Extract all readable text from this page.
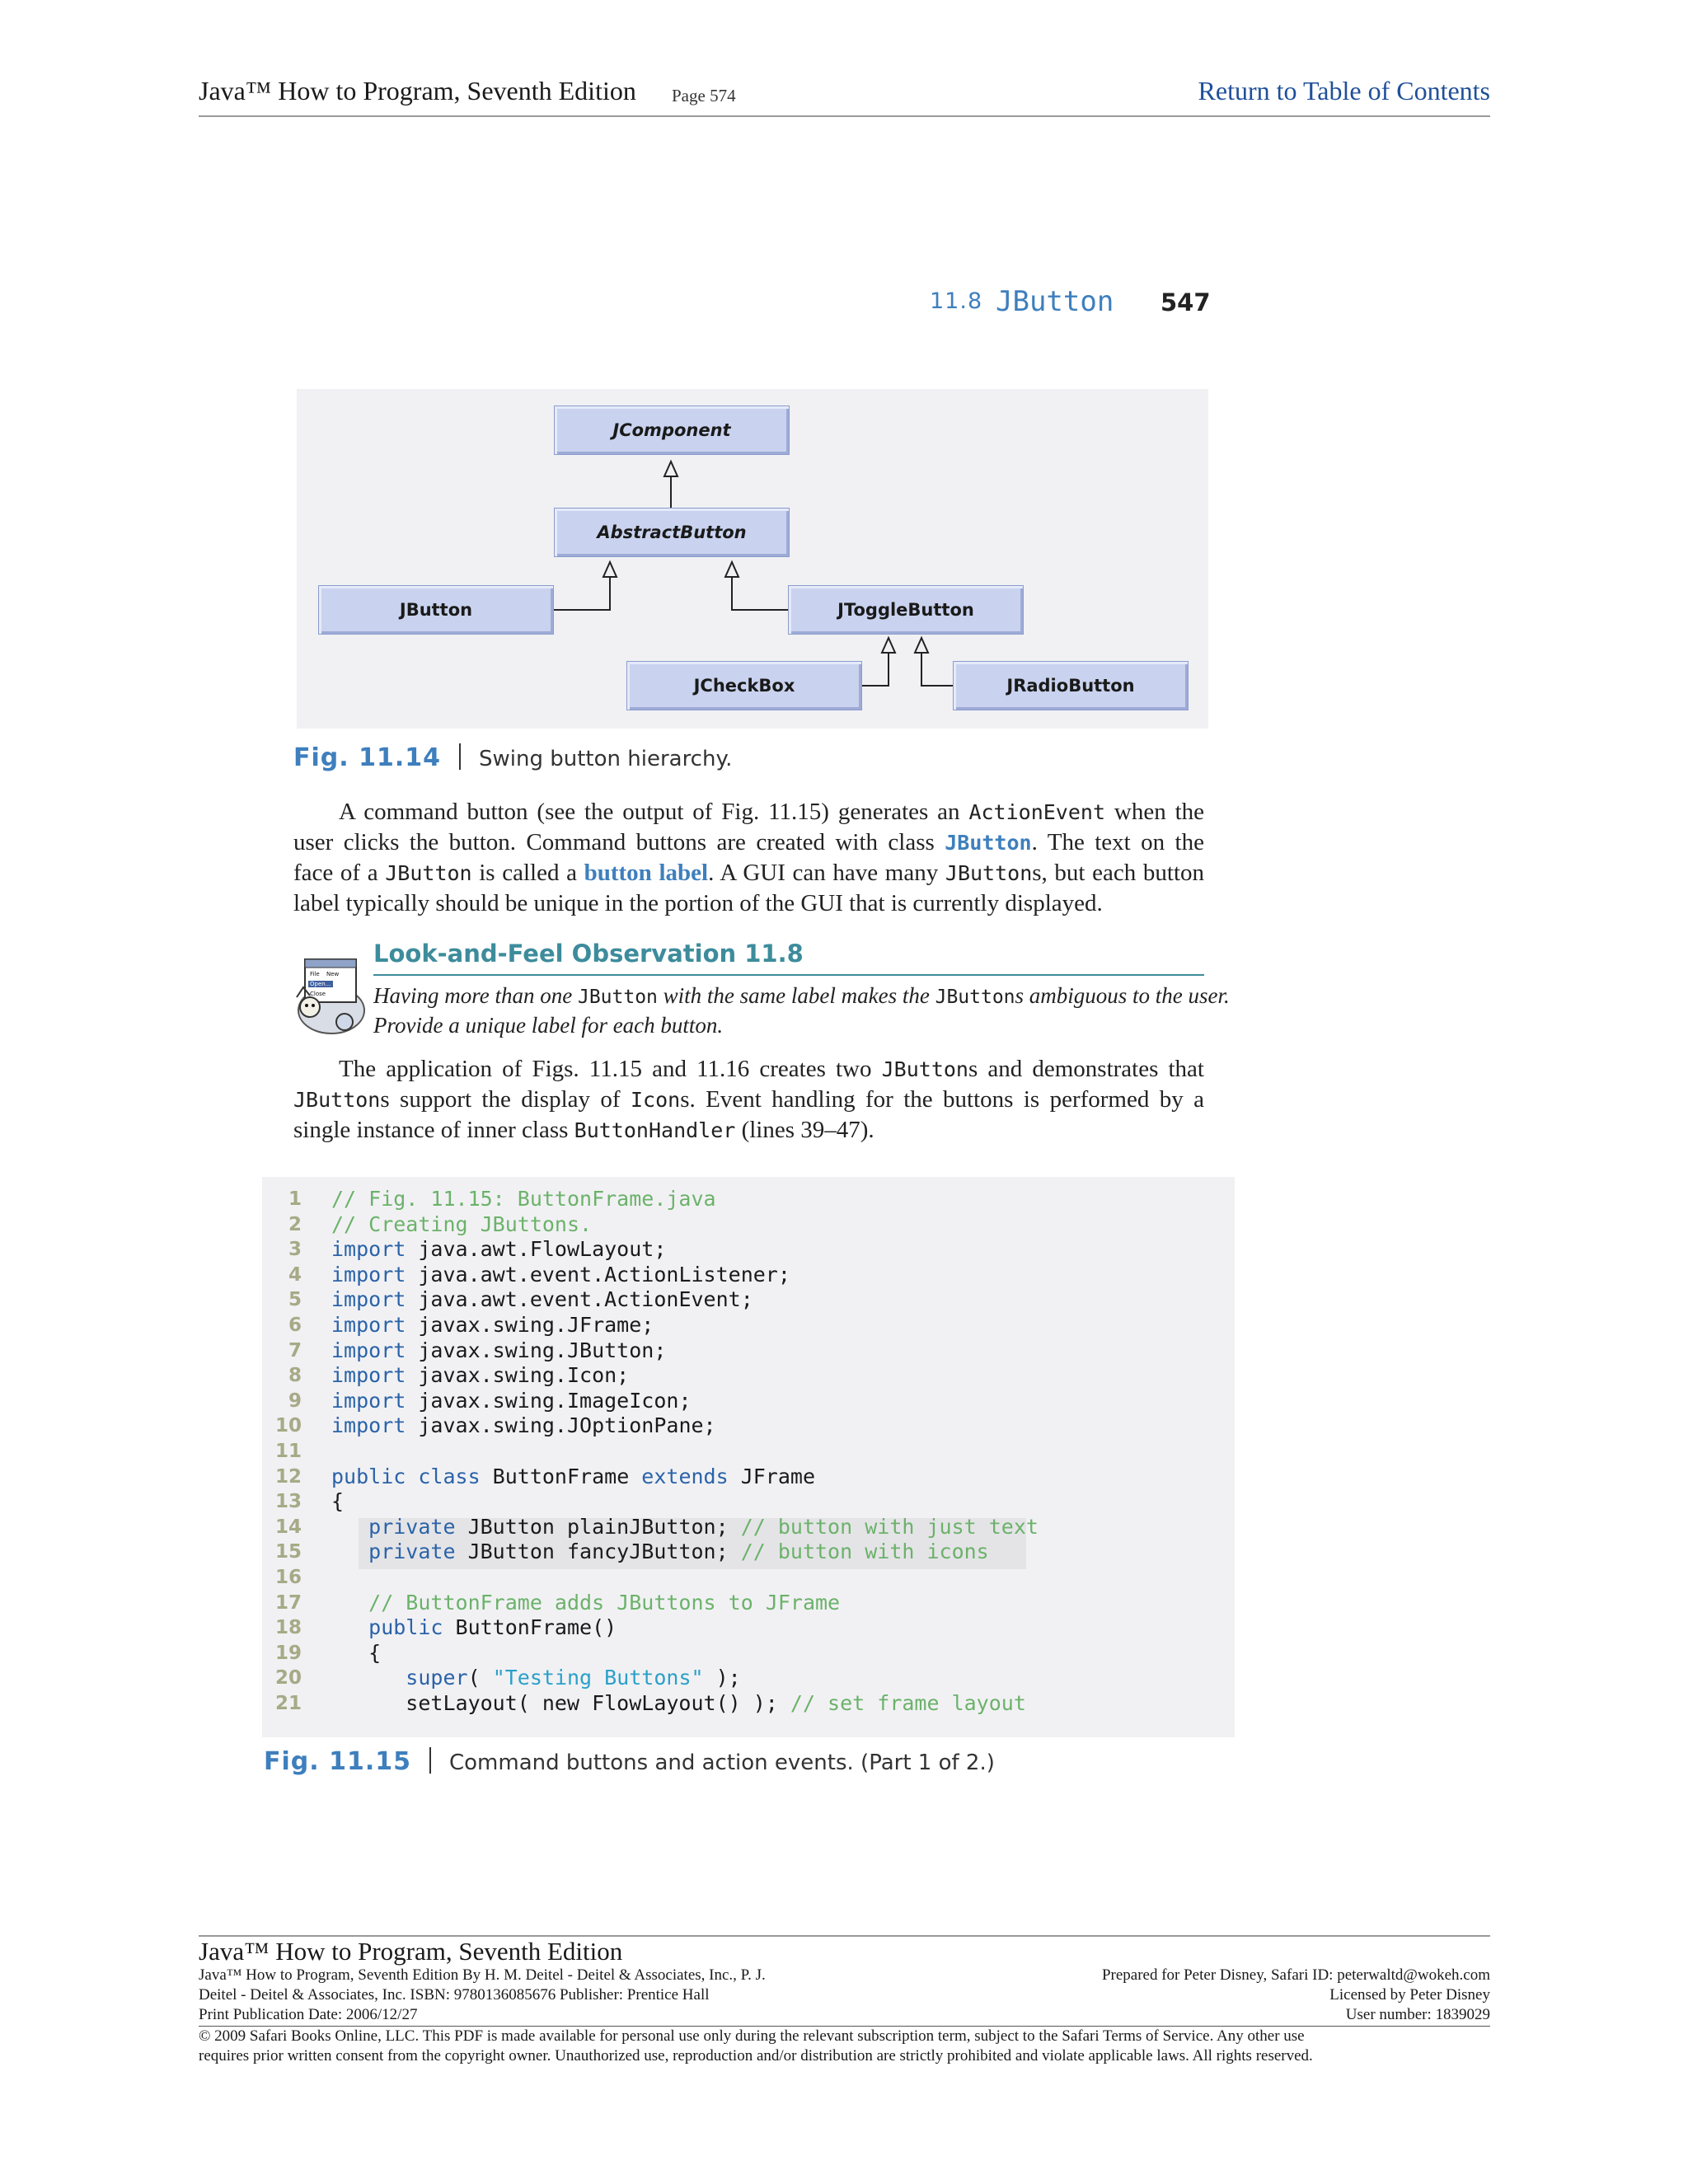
Java™ How to Program, Seventh Edition Page 574	Return to Table of Contents
11.8 JButton 547
JComponent
AbstractButton
JButton	JToggleButton
JCheckBox	JRadioButton
Fig. 11.14 Swing button hierarchy.
A command button (see the output of Fig. 11.15) generates an ActionEvent when the
user clicks the button. Command buttons are created with class JButton. The text on the
face of a JButton is called a button label. A GUI can have many JButtons, but each button
label typically should be unique in the portion of the GUI that is currently displayed.
File
Open...
Close
New
Look-and-Feel Observation 11.8
Having more than one JButton with the same label makes the JButtons ambiguous to the user.
Provide a unique label for each button.
The application of Figs. 11.15 and 11.16 creates two JButtons and demonstrates that
JButtons support the display of Icons. Event handling for the buttons is performed by a
single instance of inner class ButtonHandler (lines 39–47).
1
2
3
4
5
6
7
8
9
10
11
12
13
14
15
16
17
18
19
20
21
// Fig. 11.15: ButtonFrame.java
// Creating JButtons.
import java.awt.FlowLayout;
import java.awt.event.ActionListener;
import java.awt.event.ActionEvent;
import javax.swing.JFrame;
import javax.swing.JButton;
import javax.swing.Icon;
import javax.swing.ImageIcon;
import javax.swing.JOptionPane;
public class ButtonFrame extends JFrame
{
private JButton plainJButton; // button with just text
private JButton fancyJButton; // button with icons
// ButtonFrame adds JButtons to JFrame
public ButtonFrame()
{
super( "Testing Buttons" );
setLayout( new FlowLayout() ); // set frame layout
Fig. 11.15 Command buttons and action events. (Part 1 of 2.)
Java™ How to Program, Seventh Edition
Java™ How to Program, Seventh Edition By H. M. Deitel - Deitel & Associates, Inc., P. J.
Deitel - Deitel & Associates, Inc. ISBN: 9780136085676 Publisher: Prentice Hall
Print Publication Date: 2006/12/27
Prepared for Peter Disney, Safari ID: peterwaltd@wokeh.com
Licensed by Peter Disney
User number: 1839029
© 2009 Safari Books Online, LLC. This PDF is made available for personal use only during the relevant subscription term, subject to the Safari Terms of Service. Any other use
requires prior written consent from the copyright owner. Unauthorized use, reproduction and/or distribution are strictly prohibited and violate applicable laws. All rights reserved.
